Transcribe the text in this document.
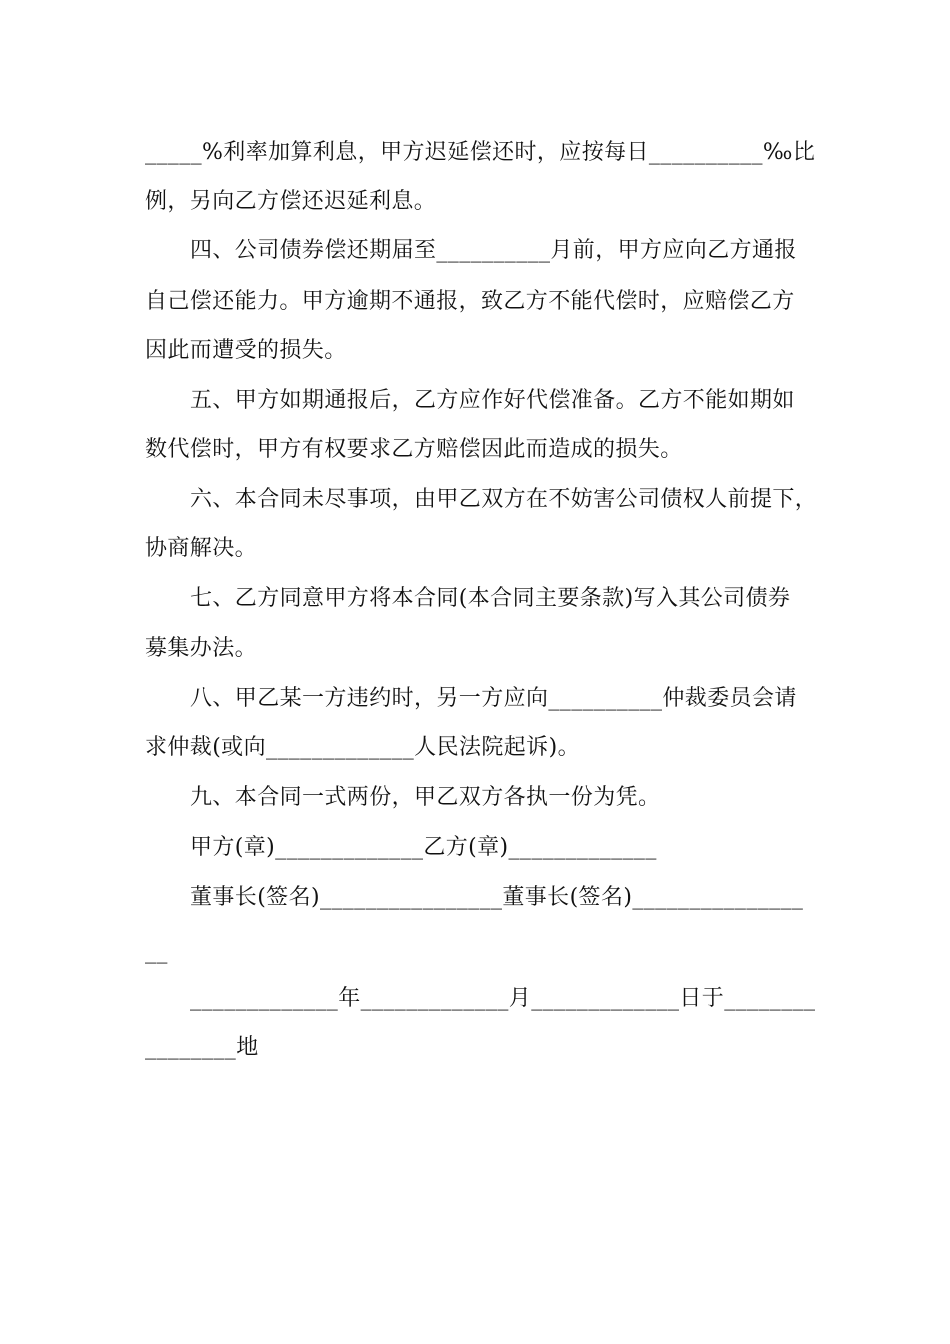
_____%利率加算利息，甲方迟延偿还时，应按每日__________‰比
例，另向乙方偿还迟延利息。
四、公司债券偿还期届至__________月前，甲方应向乙方通报
自己偿还能力。甲方逾期不通报，致乙方不能代偿时，应赔偿乙方
因此而遭受的损失。
五、甲方如期通报后，乙方应作好代偿准备。乙方不能如期如
数代偿时，甲方有权要求乙方赔偿因此而造成的损失。
六、本合同未尽事项，由甲乙双方在不妨害公司债权人前提下，
协商解决。
七、乙方同意甲方将本合同(本合同主要条款)写入其公司债券
募集办法。
八、甲乙某一方违约时，另一方应向__________仲裁委员会请
求仲裁(或向_____________人民法院起诉)。
九、本合同一式两份，甲乙双方各执一份为凭。
甲方(章)_____________乙方(章)_____________
董事长(签名)________________董事长(签名)_______________
__
_____________年_____________月_____________日于________
________地
